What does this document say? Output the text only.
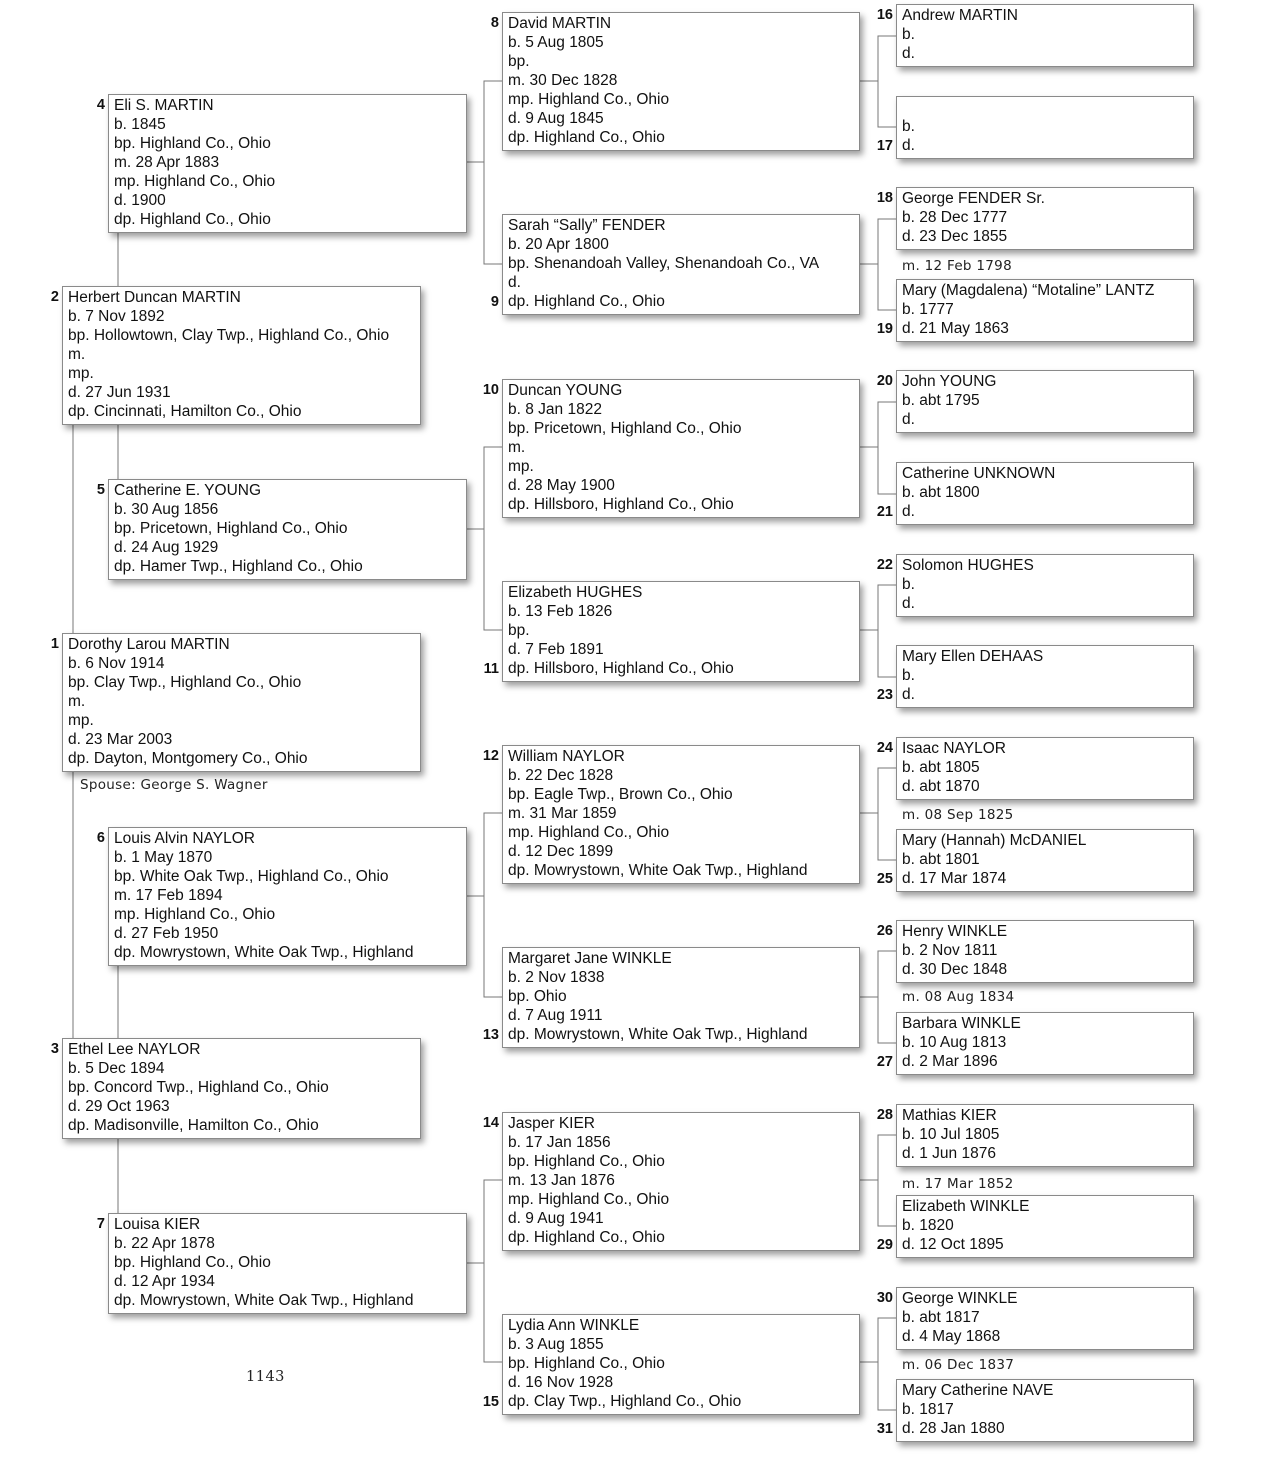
Dorothy Larou MARTIN
b. 6 Nov 1914
bp. Clay Twp., Highland Co., Ohio
m.
mp.
d. 23 Mar 2003
dp. Dayton, Montgomery Co., Ohio
1
Herbert Duncan MARTIN
b. 7 Nov 1892
bp. Hollowtown, Clay Twp., Highland Co., Ohio
m.
mp.
d. 27 Jun 1931
dp. Cincinnati, Hamilton Co., Ohio
2
Ethel Lee NAYLOR
b. 5 Dec 1894
bp. Concord Twp., Highland Co., Ohio
d. 29 Oct 1963
dp. Madisonville, Hamilton Co., Ohio
3
Eli S. MARTIN
b. 1845
bp. Highland Co., Ohio
m. 28 Apr 1883
mp. Highland Co., Ohio
d. 1900
dp. Highland Co., Ohio
4
Catherine E. YOUNG
b. 30 Aug 1856
bp. Pricetown, Highland Co., Ohio
d. 24 Aug 1929
dp. Hamer Twp., Highland Co., Ohio
5
Louis Alvin NAYLOR
b. 1 May 1870
bp. White Oak Twp., Highland Co., Ohio
m. 17 Feb 1894
mp. Highland Co., Ohio
d. 27 Feb 1950
dp. Mowrystown, White Oak Twp., Highland
6
Louisa KIER
b. 22 Apr 1878
bp. Highland Co., Ohio
d. 12 Apr 1934
dp. Mowrystown, White Oak Twp., Highland
7
David MARTIN
b. 5 Aug 1805
bp.
m. 30 Dec 1828
mp. Highland Co., Ohio
d. 9 Aug 1845
dp. Highland Co., Ohio
8
Sarah “Sally” FENDER
b. 20 Apr 1800
bp. Shenandoah Valley, Shenandoah Co., VA
d.
dp. Highland Co., Ohio
9
Duncan YOUNG
b. 8 Jan 1822
bp. Pricetown, Highland Co., Ohio
m.
mp.
d. 28 May 1900
dp. Hillsboro, Highland Co., Ohio
10
Elizabeth HUGHES
b. 13 Feb 1826
bp.
d. 7 Feb 1891
dp. Hillsboro, Highland Co., Ohio
11
William NAYLOR
b. 22 Dec 1828
bp. Eagle Twp., Brown Co., Ohio
m. 31 Mar 1859
mp. Highland Co., Ohio
d. 12 Dec 1899
dp. Mowrystown, White Oak Twp., Highland
12
Margaret Jane WINKLE
b. 2 Nov 1838
bp. Ohio
d. 7 Aug 1911
dp. Mowrystown, White Oak Twp., Highland
13
Jasper KIER
b. 17 Jan 1856
bp. Highland Co., Ohio
m. 13 Jan 1876
mp. Highland Co., Ohio
d. 9 Aug 1941
dp. Highland Co., Ohio
14
Lydia Ann WINKLE
b. 3 Aug 1855
bp. Highland Co., Ohio
d. 16 Nov 1928
dp. Clay Twp., Highland Co., Ohio
15
Andrew MARTIN
b.
d.
16
b.
d.
17
George FENDER Sr.
b. 28 Dec 1777
d. 23 Dec 1855
18
Mary (Magdalena) “Motaline” LANTZ
b. 1777
d. 21 May 1863
19
John YOUNG
b. abt 1795
d.
20
Catherine UNKNOWN
b. abt 1800
d.
21
Solomon HUGHES
b.
d.
22
Mary Ellen DEHAAS
b.
d.
23
Isaac NAYLOR
b. abt 1805
d. abt 1870
24
Mary (Hannah) McDANIEL
b. abt 1801
d. 17 Mar 1874
25
Henry WINKLE
b. 2 Nov 1811
d. 30 Dec 1848
26
Barbara WINKLE
b. 10 Aug 1813
d. 2 Mar 1896
27
Mathias KIER
b. 10 Jul 1805
d. 1 Jun 1876
28
Elizabeth WINKLE
b. 1820
d. 12 Oct 1895
29
George WINKLE
b. abt 1817
d. 4 May 1868
30
Mary Catherine NAVE
b. 1817
d. 28 Jan 1880
31
m. 12 Feb 1798
m. 08 Sep 1825
m. 08 Aug 1834
m. 17 Mar 1852
m. 06 Dec 1837
Spouse: George S. Wagner
1143
